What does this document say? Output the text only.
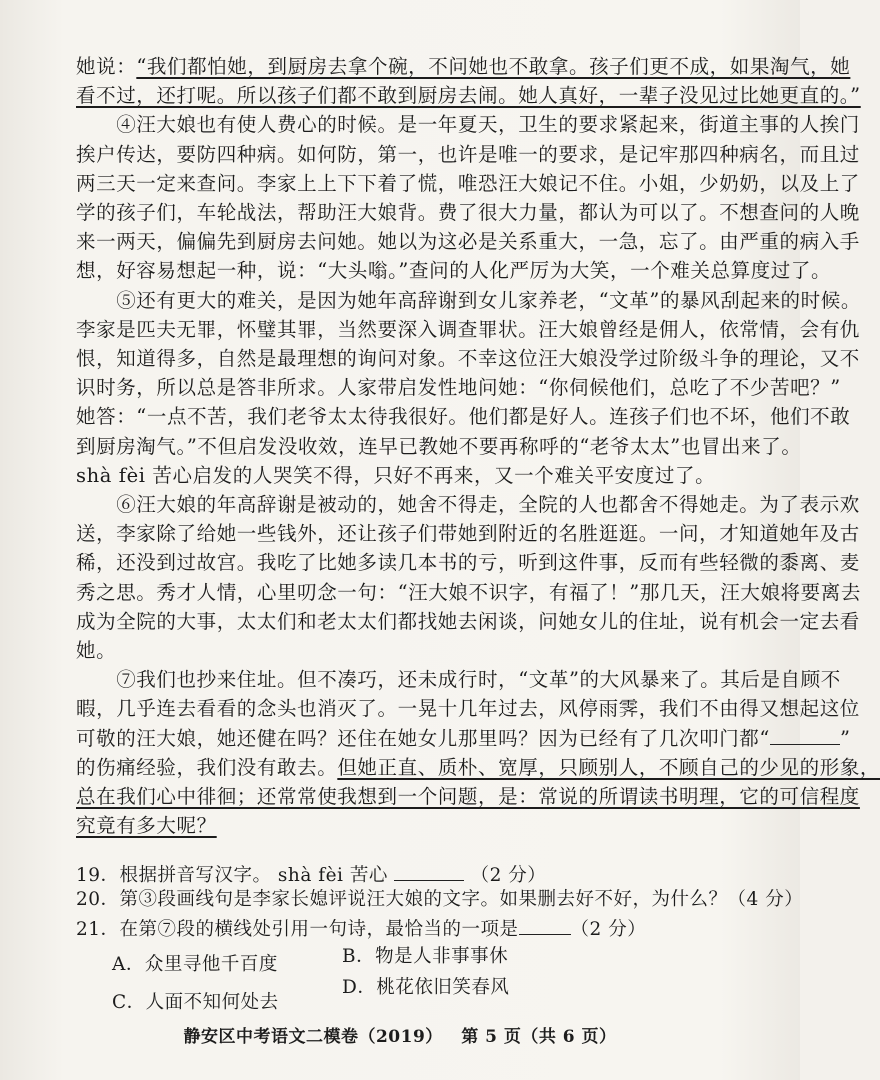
她说：“我们都怕她，到厨房去拿个碗，不问她也不敢拿。孩子们更不成，如果淘气，她
看不过，还打呢。所以孩子们都不敢到厨房去闹。她人真好，一辈子没见过比她更直的。”
　　④汪大娘也有使人费心的时候。是一年夏天，卫生的要求紧起来，街道主事的人挨门
挨户传达，要防四种病。如何防，第一，也许是唯一的要求，是记牢那四种病名，而且过
两三天一定来查问。李家上上下下着了慌，唯恐汪大娘记不住。小姐，少奶奶，以及上了
学的孩子们，车轮战法，帮助汪大娘背。费了很大力量，都认为可以了。不想查问的人晚
来一两天，偏偏先到厨房去问她。她以为这必是关系重大，一急，忘了。由严重的病入手
想，好容易想起一种，说：“大头嗡。”查问的人化严厉为大笑，一个难关总算度过了。
　　⑤还有更大的难关，是因为她年高辞谢到女儿家养老，“文革”的暴风刮起来的时候。
李家是匹夫无罪，怀璧其罪，当然要深入调查罪状。汪大娘曾经是佣人，依常情，会有仇
恨，知道得多，自然是最理想的询问对象。不幸这位汪大娘没学过阶级斗争的理论，又不
识时务，所以总是答非所求。人家带启发性地问她：“你伺候他们，总吃了不少苦吧？”
她答：“一点不苦，我们老爷太太待我很好。他们都是好人。连孩子们也不坏，他们不敢
到厨房淘气。”不但启发没收效，连早已教她不要再称呼的“老爷太太”也冒出来了。
shà fèi 苦心启发的人哭笑不得，只好不再来，又一个难关平安度过了。
　　⑥汪大娘的年高辞谢是被动的，她舍不得走，全院的人也都舍不得她走。为了表示欢
送，李家除了给她一些钱外，还让孩子们带她到附近的名胜逛逛。一问，才知道她年及古
稀，还没到过故宫。我吃了比她多读几本书的亏，听到这件事，反而有些轻微的黍离、麦
秀之思。秀才人情，心里叨念一句：“汪大娘不识字，有福了！”那几天，汪大娘将要离去
成为全院的大事，太太们和老太太们都找她去闲谈，问她女儿的住址，说有机会一定去看
她。
　　⑦我们也抄来住址。但不凑巧，还未成行时，“文革”的大风暴来了。其后是自顾不
暇，几乎连去看看的念头也消灭了。一晃十几年过去，风停雨霁，我们不由得又想起这位
可敬的汪大娘，她还健在吗？还住在她女儿那里吗？因为已经有了几次叩门都“	”
的伤痛经验，我们没有敢去。但她正直、质朴、宽厚，只顾别人，不顾自己的少见的形象，
总在我们心中徘徊；还常常使我想到一个问题，是：常说的所谓读书明理，它的可信程度
究竟有多大呢？
19．根据拼音写汉字。 shà fèi 苦心	（2 分）
20．第③段画线句是李家长媳评说汪大娘的文字。如果删去好不好，为什么？（4 分）
21．在第⑦段的横线处引用一句诗，最恰当的一项是	（2 分）
A．众里寻他千百度	B．物是人非事事休
C．人面不知何处去
D．桃花依旧笑春风
静安区中考语文二模卷（2019） 第 5 页（共 6 页）
